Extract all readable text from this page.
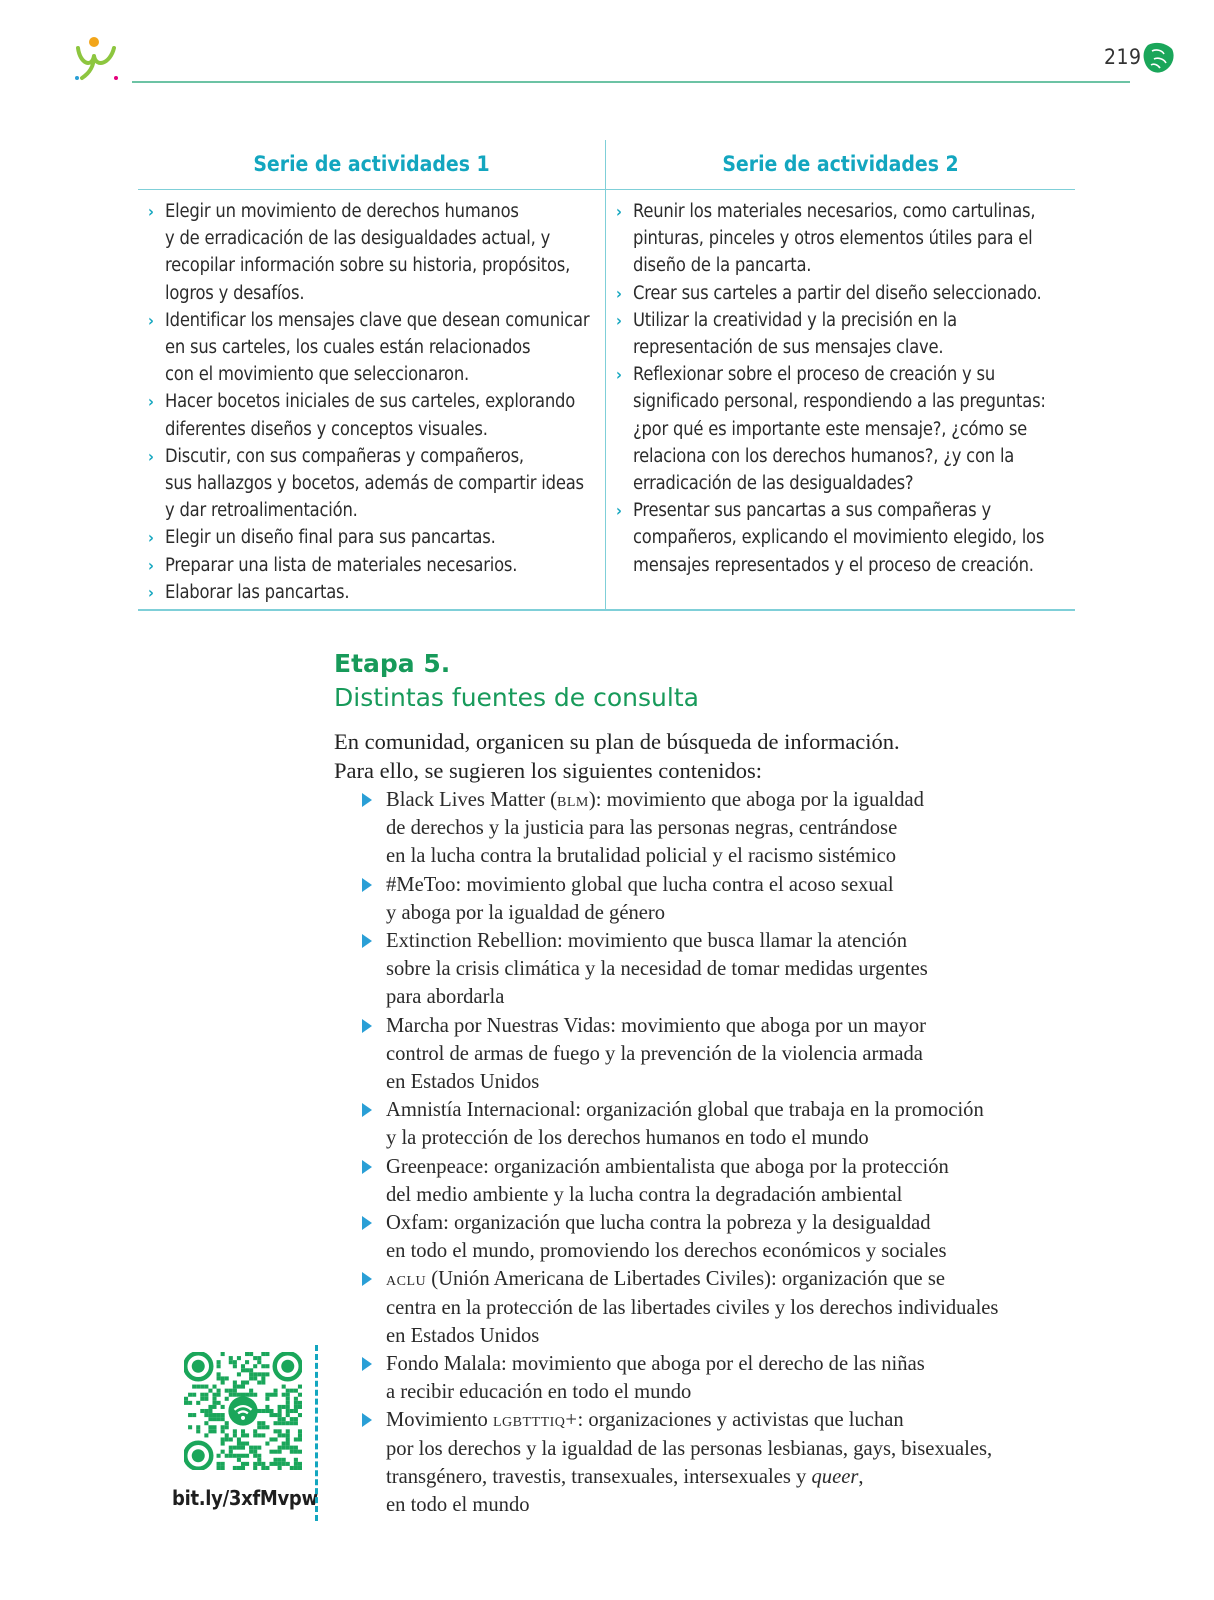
219
Serie de actividades 1	Serie de actividades 2
› Elegir un movimiento de derechos humanos
y de erradicación de las desigualdades actual, y
recopilar información sobre su historia, propósitos,
logros y desafíos.
› Identificar los mensajes clave que desean comunicar
en sus carteles, los cuales están relacionados
con el movimiento que seleccionaron.
› Hacer bocetos iniciales de sus carteles, explorando
diferentes diseños y conceptos visuales.
› Discutir, con sus compañeras y compañeros,
sus hallazgos y bocetos, además de compartir ideas
y dar retroalimentación.
› Elegir un diseño final para sus pancartas.
› Preparar una lista de materiales necesarios.
› Elaborar las pancartas.
› Reunir los materiales necesarios, como cartulinas,
pinturas, pinceles y otros elementos útiles para el
diseño de la pancarta.
› Crear sus carteles a partir del diseño seleccionado.
› Utilizar la creatividad y la precisión en la
representación de sus mensajes clave.
› Reflexionar sobre el proceso de creación y su
significado personal, respondiendo a las preguntas:
¿por qué es importante este mensaje?, ¿cómo se
relaciona con los derechos humanos?, ¿y con la
erradicación de las desigualdades?
› Presentar sus pancartas a sus compañeras y
compañeros, explicando el movimiento elegido, los
mensajes representados y el proceso de creación.
Etapa 5.
Distintas fuentes de consulta
En comunidad, organicen su plan de búsqueda de información.
Para ello, se sugieren los siguientes contenidos:
Black Lives Matter (blm): movimiento que aboga por la igualdad
de derechos y la justicia para las personas negras, centrándose
en la lucha contra la brutalidad policial y el racismo sistémico
#MeToo: movimiento global que lucha contra el acoso sexual
y aboga por la igualdad de género
Extinction Rebellion: movimiento que busca llamar la atención
sobre la crisis climática y la necesidad de tomar medidas urgentes
para abordarla
Marcha por Nuestras Vidas: movimiento que aboga por un mayor
control de armas de fuego y la prevención de la violencia armada
en Estados Unidos
Amnistía Internacional: organización global que trabaja en la promoción
y la protección de los derechos humanos en todo el mundo
Greenpeace: organización ambientalista que aboga por la protección
del medio ambiente y la lucha contra la degradación ambiental
Oxfam: organización que lucha contra la pobreza y la desigualdad
en todo el mundo, promoviendo los derechos económicos y sociales
aclu (Unión Americana de Libertades Civiles): organización que se
centra en la protección de las libertades civiles y los derechos individuales
en Estados Unidos
Fondo Malala: movimiento que aboga por el derecho de las niñas
a recibir educación en todo el mundo
Movimiento lgbtttiq+: organizaciones y activistas que luchan
por los derechos y la igualdad de las personas lesbianas, gays, bisexuales,
transgénero, travestis, transexuales, intersexuales y queer,
en todo el mundo
bit.ly/3xfMvpw
